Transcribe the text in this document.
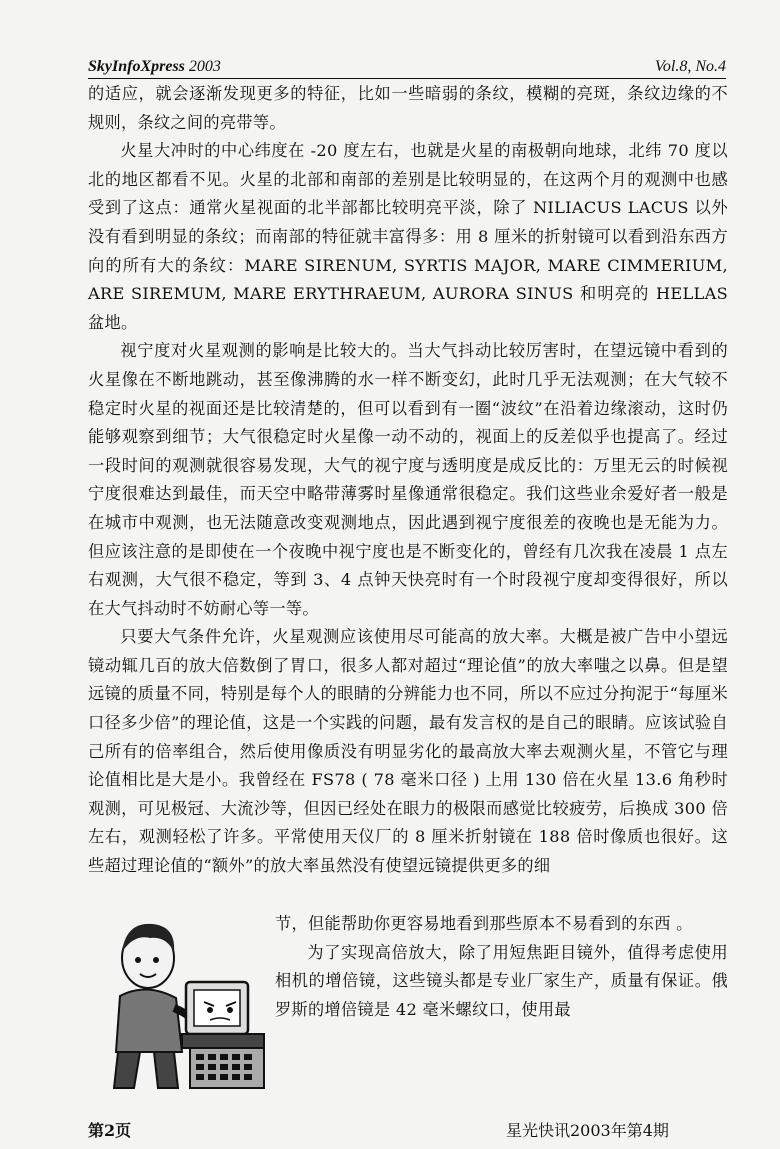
SkyInfoXpress 2003	Vol.8, No.4

的适应，就会逐渐发现更多的特征，比如一些暗弱的条纹，模糊的亮斑，条纹边缘的不规则，条纹之间的亮带等。

火星大冲时的中心纬度在 -20 度左右，也就是火星的南极朝向地球，北纬 70 度以北的地区都看不见。火星的北部和南部的差别是比较明显的，在这两个月的观测中也感受到了这点：通常火星视面的北半部都比较明亮平淡，除了 NILIACUS LACUS 以外没有看到明显的条纹；而南部的特征就丰富得多：用 8 厘米的折射镜可以看到沿东西方向的所有大的条纹：MARE SIRENUM, SYRTIS MAJOR, MARE CIMMERIUM, ARE SIREMUM, MARE ERYTHRAEUM, AURORA SINUS 和明亮的 HELLAS 盆地。

视宁度对火星观测的影响是比较大的。当大气抖动比较厉害时，在望远镜中看到的火星像在不断地跳动，甚至像沸腾的水一样不断变幻，此时几乎无法观测；在大气较不稳定时火星的视面还是比较清楚的，但可以看到有一圈“波纹”在沿着边缘滚动，这时仍能够观察到细节；大气很稳定时火星像一动不动的，视面上的反差似乎也提高了。经过一段时间的观测就很容易发现，大气的视宁度与透明度是成反比的：万里无云的时候视宁度很难达到最佳，而天空中略带薄雾时星像通常很稳定。我们这些业余爱好者一般是在城市中观测，也无法随意改变观测地点，因此遇到视宁度很差的夜晚也是无能为力。但应该注意的是即使在一个夜晚中视宁度也是不断变化的，曾经有几次我在凌晨 1 点左右观测，大气很不稳定，等到 3、4 点钟天快亮时有一个时段视宁度却变得很好，所以在大气抖动时不妨耐心等一等。

只要大气条件允许，火星观测应该使用尽可能高的放大率。大概是被广告中小望远镜动辄几百的放大倍数倒了胃口，很多人都对超过“理论值”的放大率嗤之以鼻。但是望远镜的质量不同，特别是每个人的眼睛的分辨能力也不同，所以不应过分拘泥于“每厘米口径多少倍”的理论值，这是一个实践的问题，最有发言权的是自己的眼睛。应该试验自己所有的倍率组合，然后使用像质没有明显劣化的最高放大率去观测火星，不管它与理论值相比是大是小。我曾经在 FS78 ( 78 毫米口径 ) 上用 130 倍在火星 13.6 角秒时观测，可见极冠、大流沙等，但因已经处在眼力的极限而感觉比较疲劳，后换成 300 倍左右，观测轻松了许多。平常使用天仪厂的 8 厘米折射镜在 188 倍时像质也很好。这些超过理论值的“额外”的放大率虽然没有使望远镜提供更多的细

节，但能帮助你更容易地看到那些原本不易看到的东西 。

为了实现高倍放大，除了用短焦距目镜外，值得考虑使用相机的增倍镜，这些镜头都是专业厂家生产，质量有保证。俄罗斯的增倍镜是 42 毫米螺纹口，使用最

第2页	星光快讯2003年第4期
